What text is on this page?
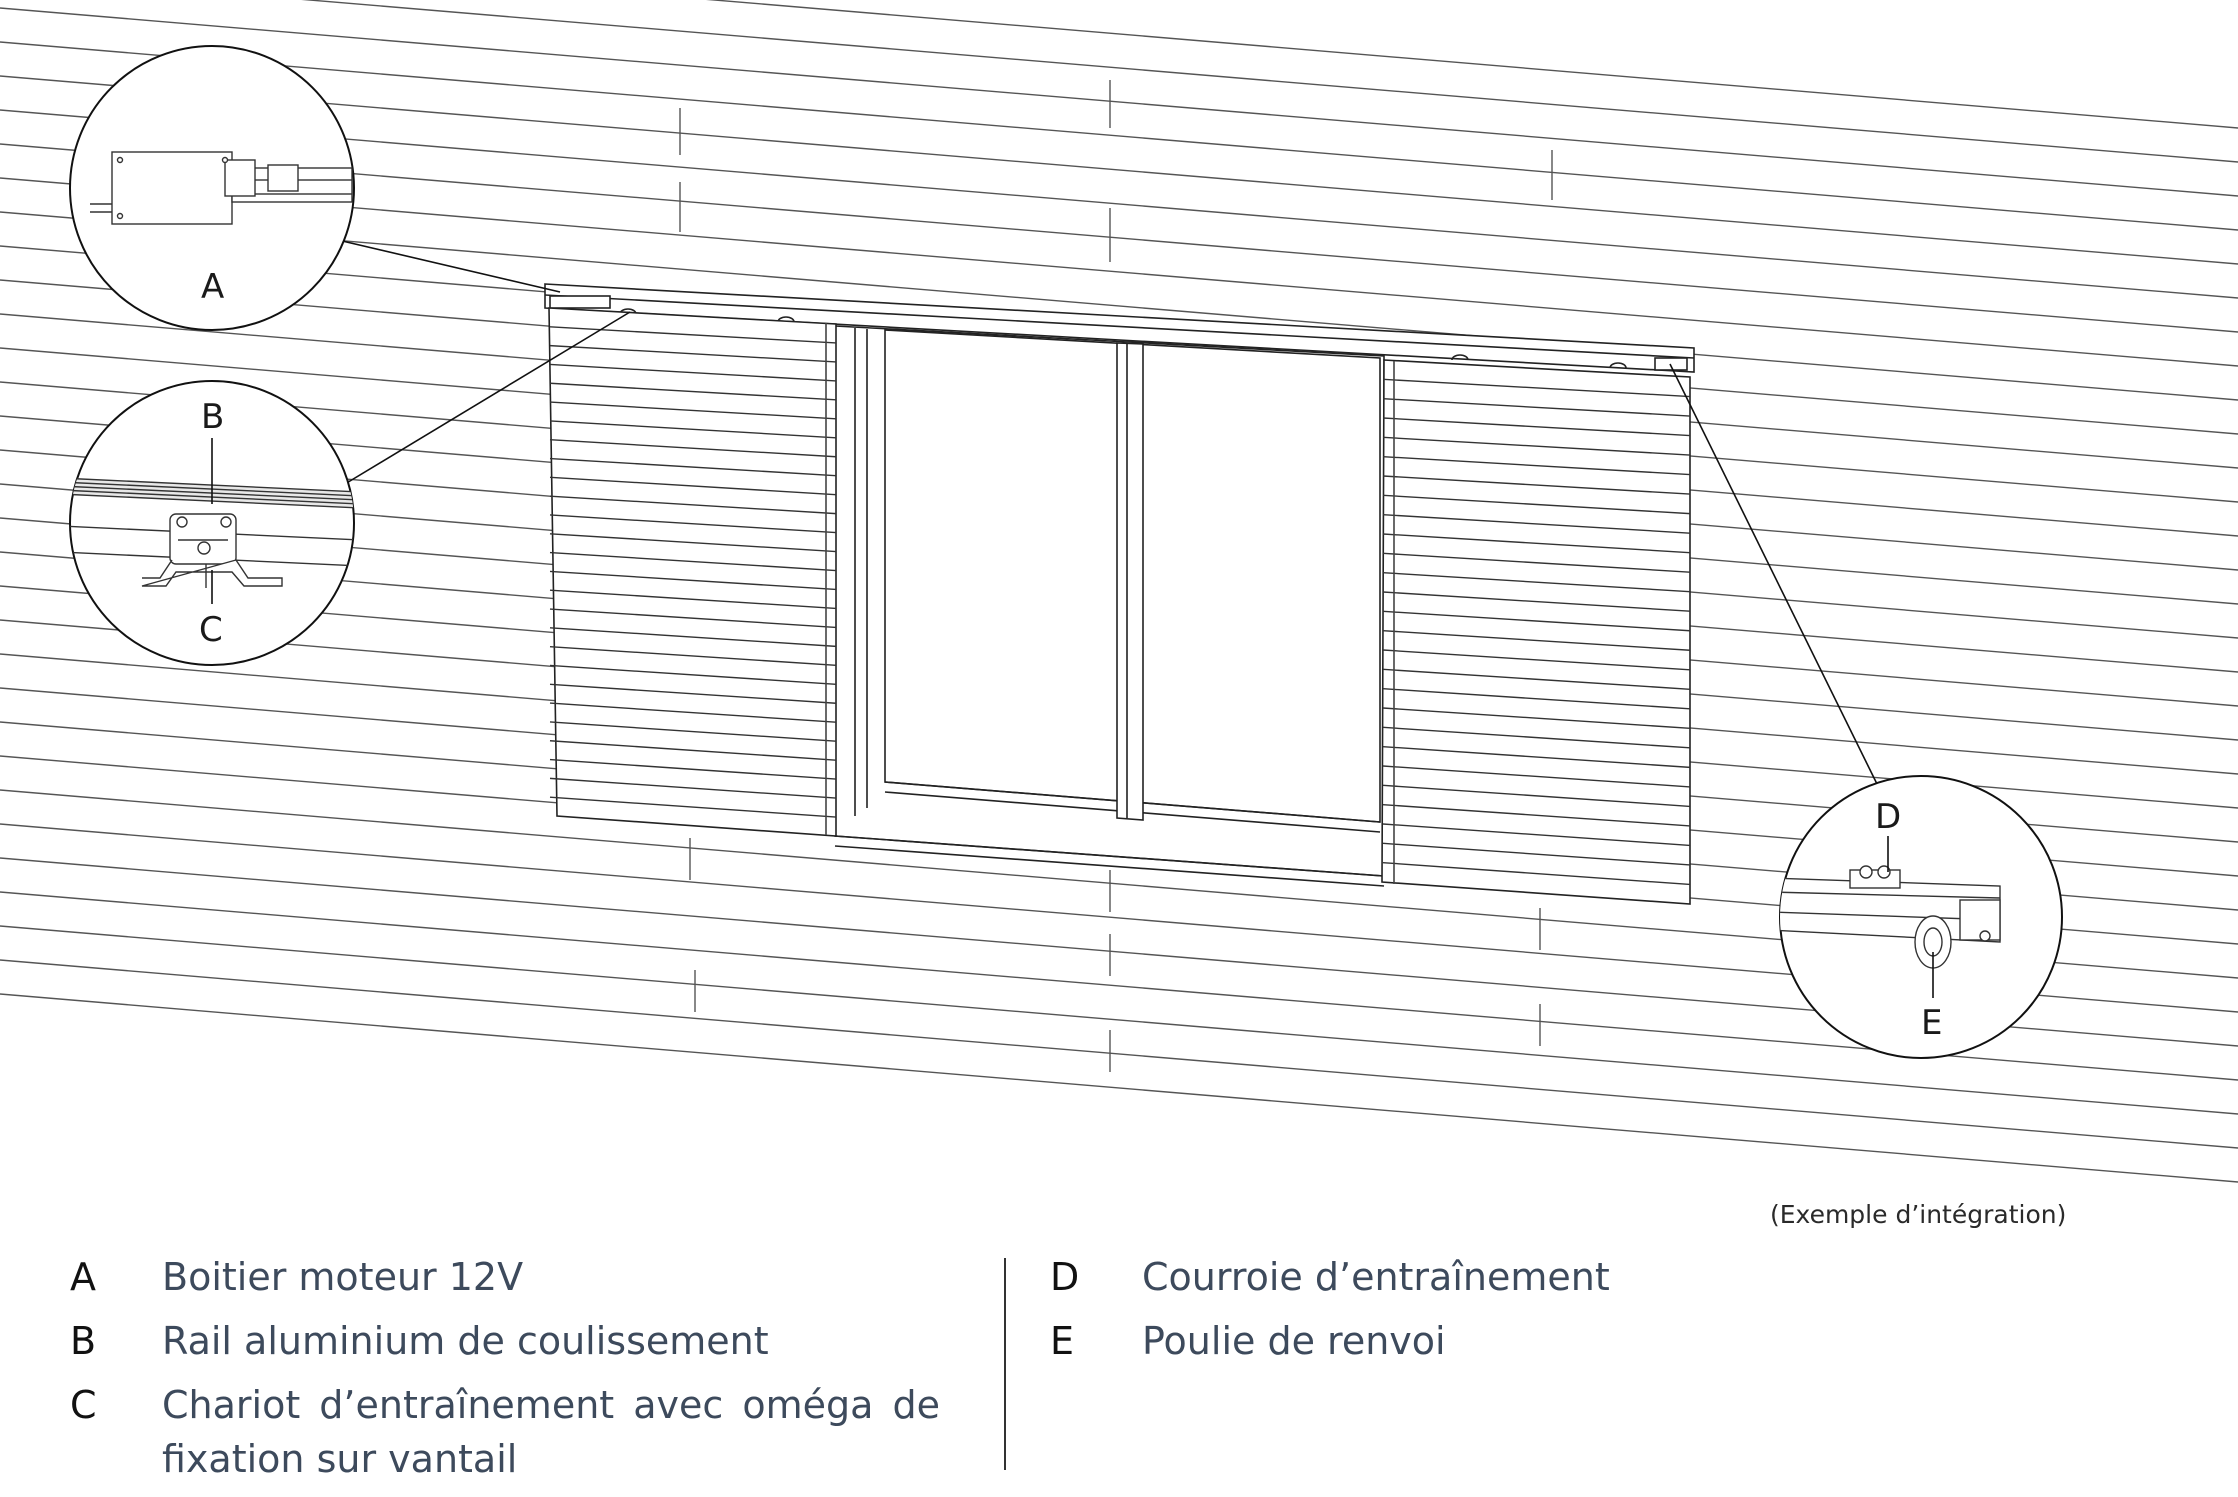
A
B
C
D
E
(Exemple d’intégration)
A	Boitier moteur 12V
B	Rail aluminium de coulissement
C	Chariot d’entraînement avec oméga de fixation sur vantail
D	Courroie d’entraînement
E	Poulie de renvoi
